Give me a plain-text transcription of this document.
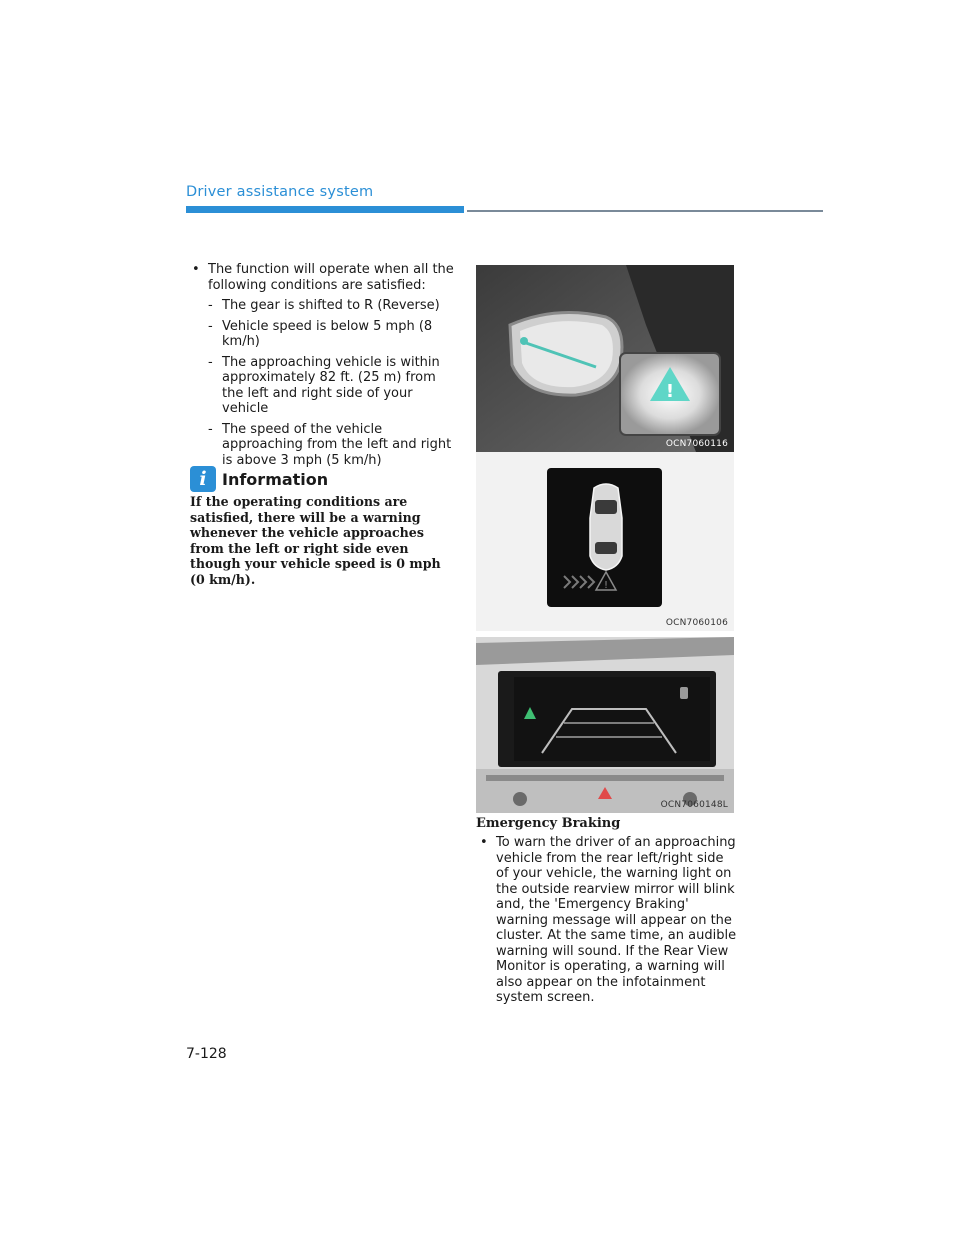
Driver assistance system
• The function will operate when all the following conditions are satisfied:
- The gear is shifted to R (Reverse)
- Vehicle speed is below 5 mph (8 km/h)
- The approaching vehicle is within approximately 82 ft. (25 m) from the left and right side of your vehicle
- The speed of the vehicle approaching from the left and right is above 3 mph (5 km/h)
i Information
If the operating conditions are satisfied, there will be a warning whenever the vehicle approaches from the left or right side even though your vehicle speed is 0 mph (0 km/h).
!
OCN7060116
!
OCN7060106
OCN7060148L
Emergency Braking
• To warn the driver of an approaching vehicle from the rear left/right side of your vehicle, the warning light on the outside rearview mirror will blink and, the 'Emergency Braking' warning message will appear on the cluster. At the same time, an audible warning will sound. If the Rear View Monitor is operating, a warning will also appear on the infotainment system screen.
7-128
